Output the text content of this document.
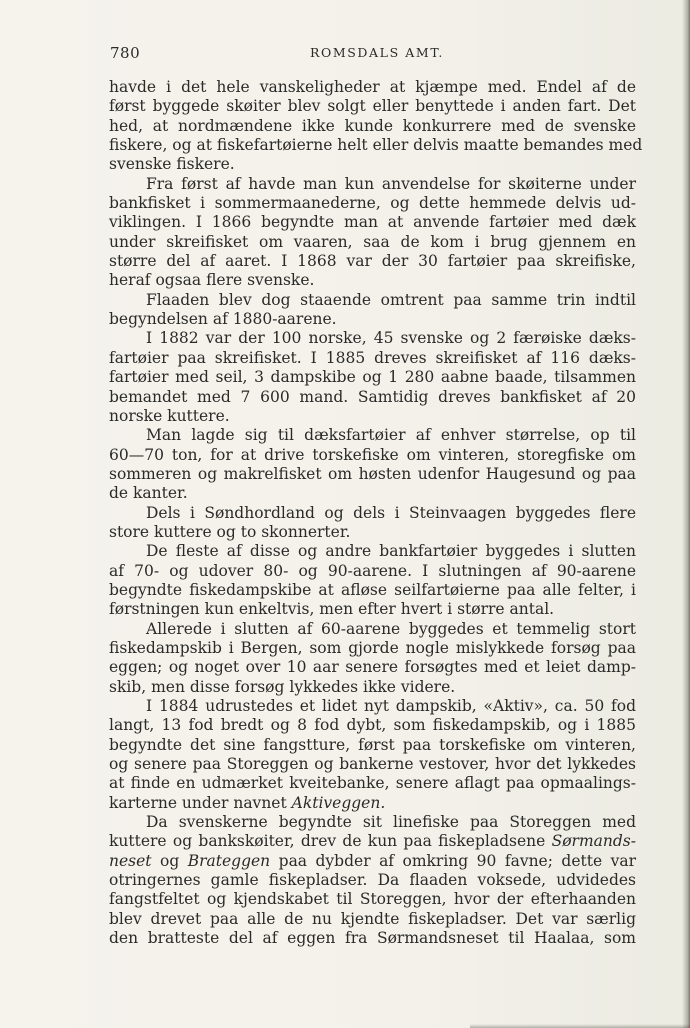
780	ROMSDALS AMT.
havde i det hele vanskeligheder at kjæmpe med. Endel af de
først byggede skøiter blev solgt eller benyttede i anden fart. Det
hed, at nordmændene ikke kunde konkurrere med de svenske
fiskere, og at fiskefartøierne helt eller delvis maatte bemandes med
svenske fiskere.
Fra først af havde man kun anvendelse for skøiterne under
bankfisket i sommermaanederne, og dette hemmede delvis ud-
viklingen. I 1866 begyndte man at anvende fartøier med dæk
under skreifisket om vaaren, saa de kom i brug gjennem en
større del af aaret. I 1868 var der 30 fartøier paa skreifiske,
heraf ogsaa flere svenske.
Flaaden blev dog staaende omtrent paa samme trin indtil
begyndelsen af 1880-aarene.
I 1882 var der 100 norske, 45 svenske og 2 færøiske dæks-
fartøier paa skreifisket. I 1885 dreves skreifisket af 116 dæks-
fartøier med seil, 3 dampskibe og 1 280 aabne baade, tilsammen
bemandet med 7 600 mand. Samtidig dreves bankfisket af 20
norske kuttere.
Man lagde sig til dæksfartøier af enhver størrelse, op til
60—70 ton, for at drive torskefiske om vinteren, storegfiske om
sommeren og makrelfisket om høsten udenfor Haugesund og paa
de kanter.
Dels i Søndhordland og dels i Steinvaagen byggedes flere
store kuttere og to skonnerter.
De fleste af disse og andre bankfartøier byggedes i slutten
af 70- og udover 80- og 90-aarene. I slutningen af 90-aarene
begyndte fiskedampskibe at afløse seilfartøierne paa alle felter, i
førstningen kun enkeltvis, men efter hvert i større antal.
Allerede i slutten af 60-aarene byggedes et temmelig stort
fiskedampskib i Bergen, som gjorde nogle mislykkede forsøg paa
eggen; og noget over 10 aar senere forsøgtes med et leiet damp-
skib, men disse forsøg lykkedes ikke videre.
I 1884 udrustedes et lidet nyt dampskib, «Aktiv», ca. 50 fod
langt, 13 fod bredt og 8 fod dybt, som fiskedampskib, og i 1885
begyndte det sine fangstture, først paa torskefiske om vinteren,
og senere paa Storeggen og bankerne vestover, hvor det lykkedes
at finde en udmærket kveitebanke, senere aflagt paa opmaalings-
karterne under navnet Aktiveggen.
Da svenskerne begyndte sit linefiske paa Storeggen med
kuttere og bankskøiter, drev de kun paa fiskepladsene Sørmands-
neset og Brateggen paa dybder af omkring 90 favne; dette var
otringernes gamle fiskepladser. Da flaaden voksede, udvidedes
fangstfeltet og kjendskabet til Storeggen, hvor der efterhaanden
blev drevet paa alle de nu kjendte fiskepladser. Det var særlig
den bratteste del af eggen fra Sørmandsneset til Haalaa, som
